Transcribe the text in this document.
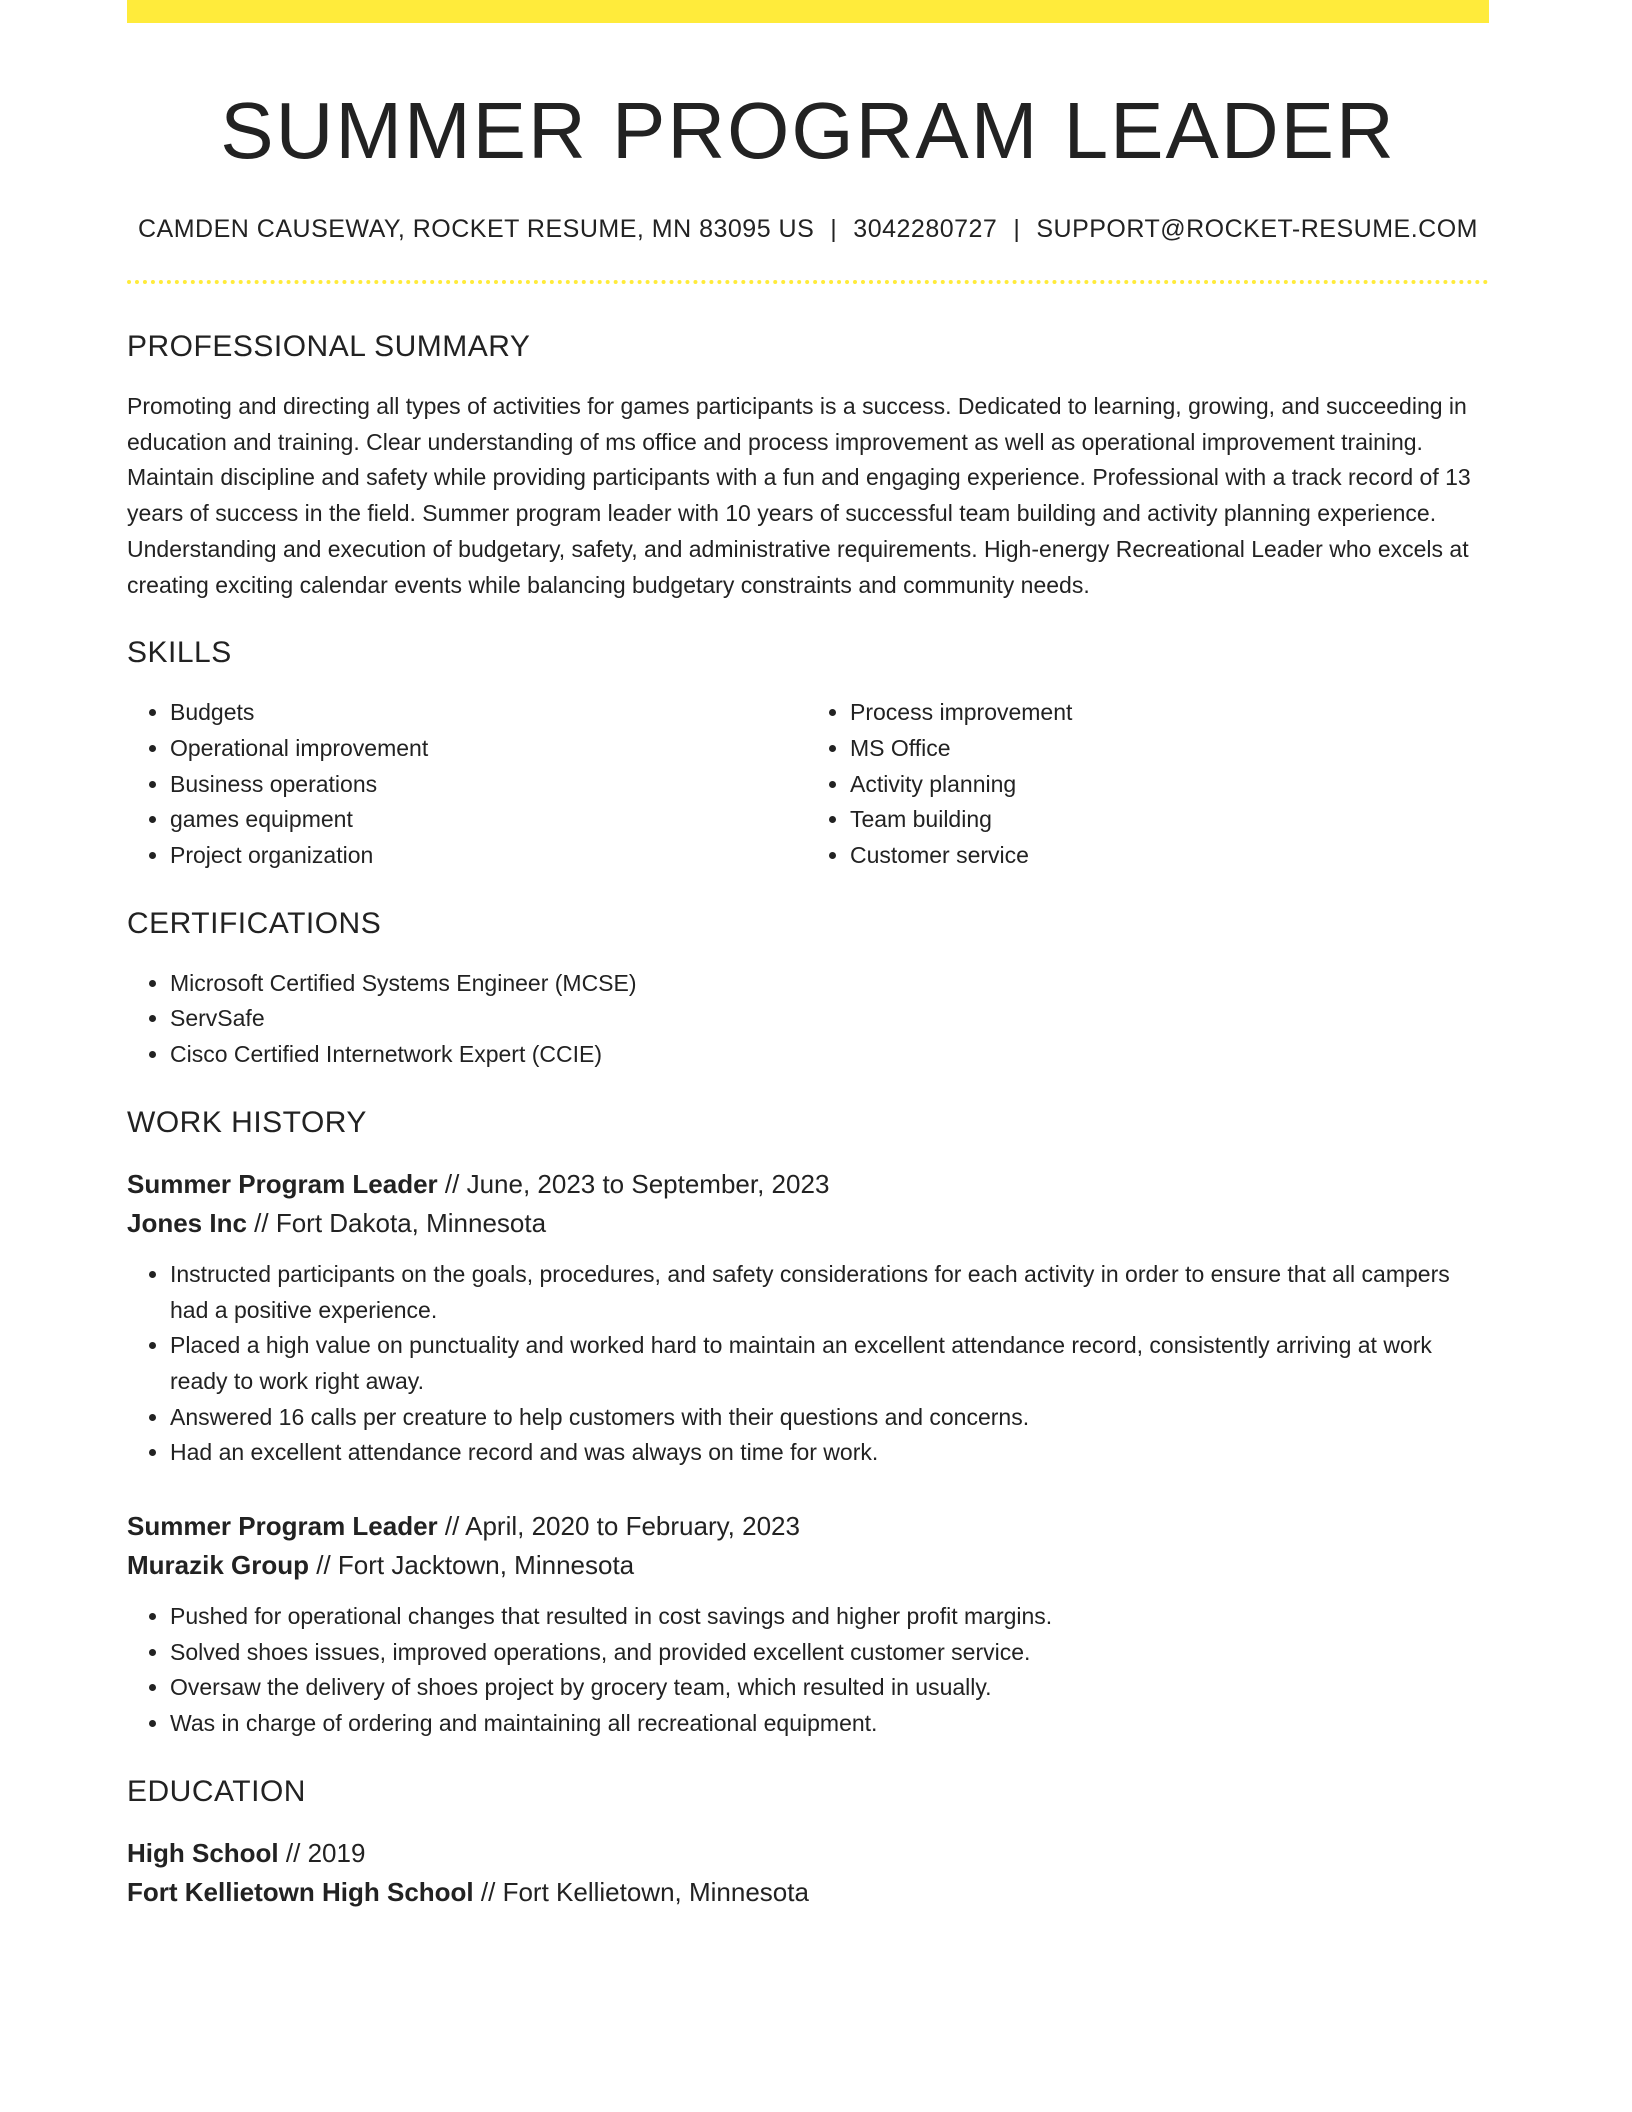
SUMMER PROGRAM LEADER
CAMDEN CAUSEWAY, ROCKET RESUME, MN 83095 US | 3042280727 | SUPPORT@ROCKET-RESUME.COM
PROFESSIONAL SUMMARY

Promoting and directing all types of activities for games participants is a success. Dedicated to learning, growing, and succeeding in education and training. Clear understanding of ms office and process improvement as well as operational improvement training. Maintain discipline and safety while providing participants with a fun and engaging experience. Professional with a track record of 13 years of success in the field. Summer program leader with 10 years of successful team building and activity planning experience. Understanding and execution of budgetary, safety, and administrative requirements. High-energy Recreational Leader who excels at creating exciting calendar events while balancing budgetary constraints and community needs.

SKILLS
• Budgets
• Operational improvement
• Business operations
• games equipment
• Project organization
• Process improvement
• MS Office
• Activity planning
• Team building
• Customer service
CERTIFICATIONS
• Microsoft Certified Systems Engineer (MCSE)
• ServSafe
• Cisco Certified Internetwork Expert (CCIE)
WORK HISTORY
Summer Program Leader // June, 2023 to September, 2023
Jones Inc // Fort Dakota, Minnesota
• Instructed participants on the goals, procedures, and safety considerations for each activity in order to ensure that all campers had a positive experience.
• Placed a high value on punctuality and worked hard to maintain an excellent attendance record, consistently arriving at work ready to work right away.
• Answered 16 calls per creature to help customers with their questions and concerns.
• Had an excellent attendance record and was always on time for work.
Summer Program Leader // April, 2020 to February, 2023
Murazik Group // Fort Jacktown, Minnesota
• Pushed for operational changes that resulted in cost savings and higher profit margins.
• Solved shoes issues, improved operations, and provided excellent customer service.
• Oversaw the delivery of shoes project by grocery team, which resulted in usually.
• Was in charge of ordering and maintaining all recreational equipment.
EDUCATION
High School // 2019
Fort Kellietown High School // Fort Kellietown, Minnesota
